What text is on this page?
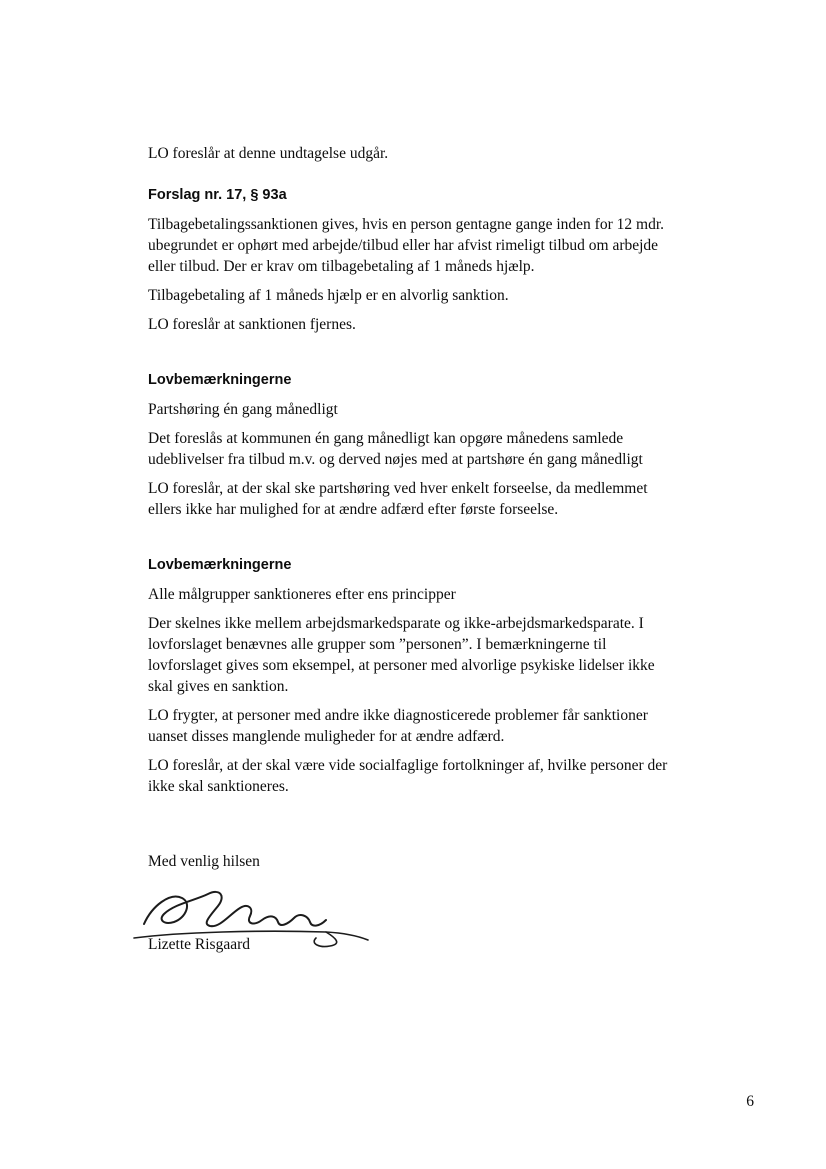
LO foreslår at denne undtagelse udgår.

Forslag nr. 17, § 93a

Tilbagebetalingssanktionen gives, hvis en person gentagne gange inden for 12 mdr. ubegrundet er ophørt med arbejde/tilbud eller har afvist rimeligt tilbud om arbejde eller tilbud. Der er krav om tilbagebetaling af 1 måneds hjælp.

Tilbagebetaling af 1 måneds hjælp er en alvorlig sanktion.

LO foreslår at sanktionen fjernes.

Lovbemærkningerne

Partshøring én gang månedligt

Det foreslås at kommunen én gang månedligt kan opgøre månedens samlede udeblivelser fra tilbud m.v. og derved nøjes med at partshøre én gang månedligt

LO foreslår, at der skal ske partshøring ved hver enkelt forseelse, da medlemmet ellers ikke har mulighed for at ændre adfærd efter første forseelse.

Lovbemærkningerne

Alle målgrupper sanktioneres efter ens principper

Der skelnes ikke mellem arbejdsmarkedsparate og ikke-arbejdsmarkedsparate. I lovforslaget benævnes alle grupper som ”personen”. I bemærkningerne til lovforslaget gives som eksempel, at personer med alvorlige psykiske lidelser ikke skal gives en sanktion.

LO frygter, at personer med andre ikke diagnosticerede problemer får sanktioner uanset disses manglende muligheder for at ændre adfærd.

LO foreslår, at der skal være vide socialfaglige fortolkninger af, hvilke personer der ikke skal sanktioneres.

Med venlig hilsen

Lizette Risgaard
6
